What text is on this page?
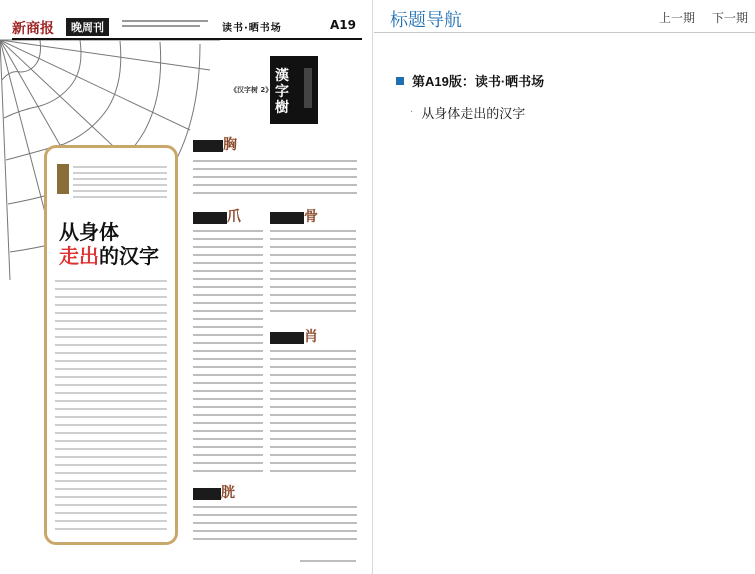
新商报	晚周刊	读书·晒书场	A19
漢字樹
《汉字树 2》
从身体
走出的汉字
胸
爪	骨
肖
胱
标题导航	上一期 下一期
第A19版：读书·晒书场
· 从身体走出的汉字
